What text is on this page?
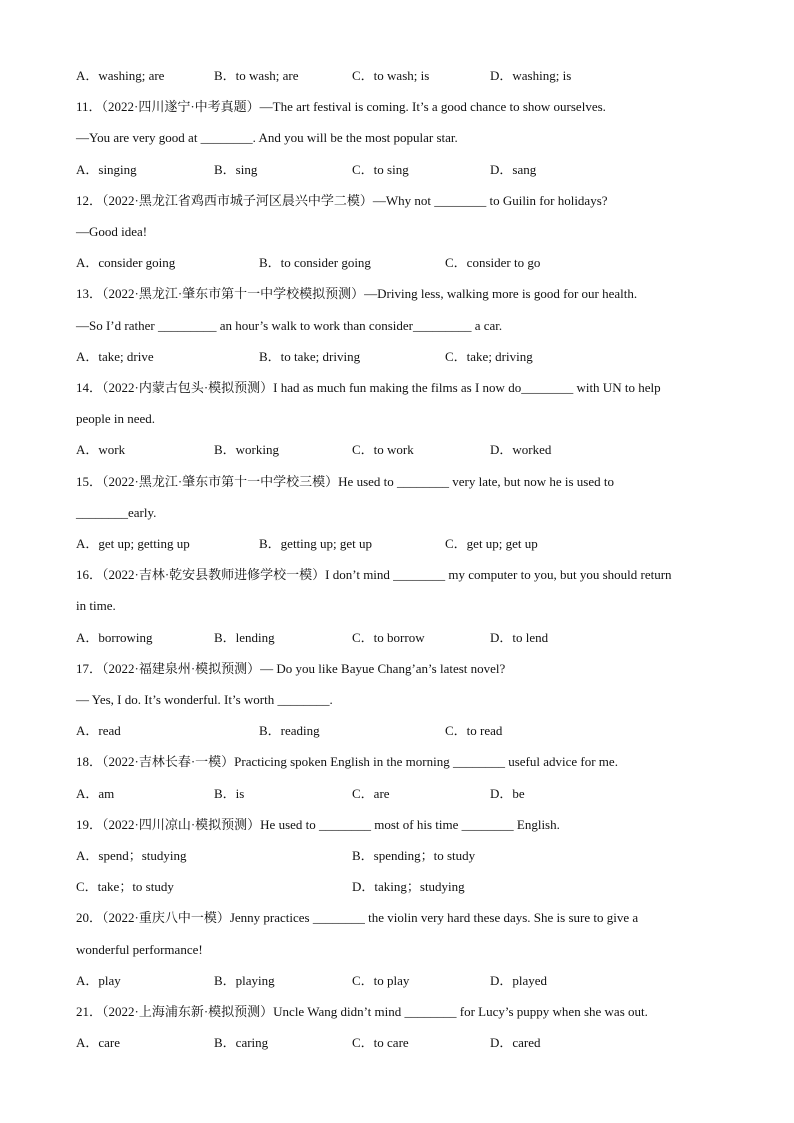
A．washing; are	B．to wash; are	C．to wash; is	D．washing; is
11．（2022·四川遂宁·中考真题）—The art festival is coming. It’s a good chance to show ourselves.
—You are very good at ________. And you will be the most popular star.
A．singing	B．sing	C．to sing	D．sang
12．（2022·黑龙江省鸡西市城子河区晨兴中学二模）—Why not ________ to Guilin for holidays?
—Good idea!
A．consider going	B．to consider going	C．consider to go
13．（2022·黑龙江·肇东市第十一中学校模拟预测）—Driving less, walking more is good for our health.
—So I’d rather _________ an hour’s walk to work than consider_________ a car.
A．take; drive	B．to take; driving	C．take; driving
14．（2022·内蒙古包头·模拟预测）I had as much fun making the films as I now do________ with UN to help
people in need.
A．work	B．working	C．to work	D．worked
15．（2022·黑龙江·肇东市第十一中学校三模）He used to ________ very late, but now he is used to
________early.
A．get up; getting up	B．getting up; get up	C．get up; get up
16．（2022·吉林·乾安县教师进修学校一模）I don’t mind ________ my computer to you, but you should return
in time.
A．borrowing	B．lending	C．to borrow	D．to lend
17．（2022·福建泉州·模拟预测）— Do you like Bayue Chang’an’s latest novel?
— Yes, I do. It’s wonderful. It’s worth ________.
A．read	B．reading	C．to read
18．（2022·吉林长春·一模）Practicing spoken English in the morning ________ useful advice for me.
A．am	B．is	C．are	D．be
19．（2022·四川凉山·模拟预测）He used to ________ most of his time ________ English.
A．spend；studying	B．spending；to study
C．take；to study	D．taking；studying
20．（2022·重庆八中一模）Jenny practices ________ the violin very hard these days. She is sure to give a
wonderful performance!
A．play	B．playing	C．to play	D．played
21．（2022·上海浦东新·模拟预测）Uncle Wang didn’t mind ________ for Lucy’s puppy when she was out.
A．care	B．caring	C．to care	D．cared
